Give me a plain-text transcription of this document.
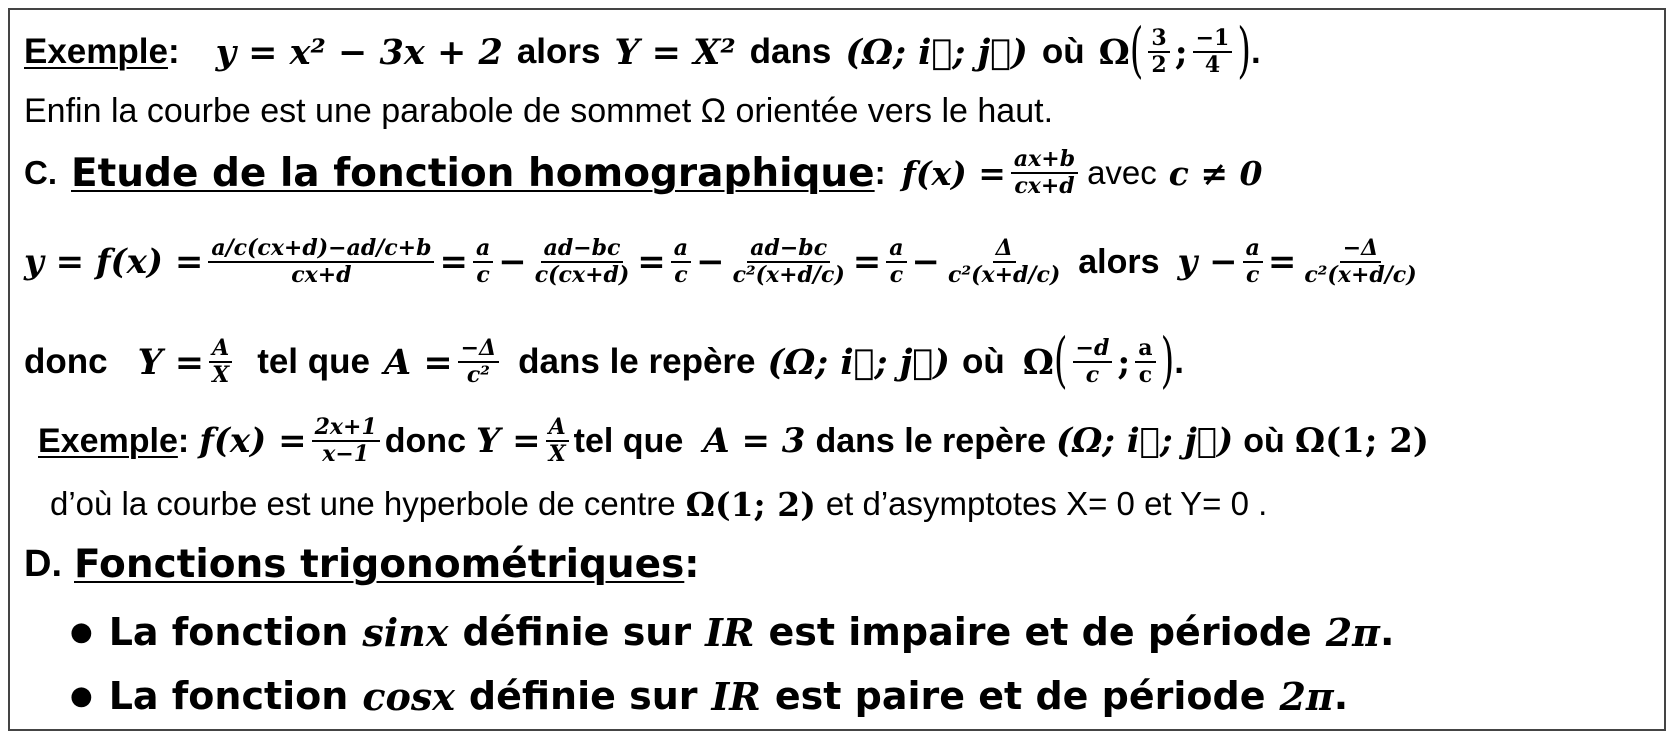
Exemple : y = x² − 3x + 2 alors Y = X² dans (Ω; i⃗; j⃗) où Ω ( $\frac{3}{2}$ ; $\frac{-1}{4}$ ) .
Enfin la courbe est une parabole de sommet Ω orientée vers le haut.
C. Etude de la fonction homographique : $f(x) = \frac{ax+b}{cx+d}$ avec c ≠ 0
$y = f(x) = \frac{a/c(cx+d)-ad/c+b}{cx+d} = \frac{a}{c} - \frac{ad-bc}{c(cx+d)} = \frac{a}{c} - \frac{ad-bc}{\text{c²(x+d/c)}} = \frac{a}{c} - \frac{\Delta}{\text{c²(x+d/c)}}$ alors $y - \frac{a}{c} = \frac{-\Delta}{\text{c²(x+d/c)}}$
donc $Y = \frac{A}{X}$ tel que $A = \frac{-\Delta}{\text{c²}}$ dans le repère (Ω; i⃗; j⃗) où Ω ( $\frac{-d}{c}$ ; $\frac{a}{c}$ ) .
Exemple : $f(x) = \frac{2x+1}{x-1}$ donc $Y = \frac{A}{X}$ tel que A = 3 dans le repère (Ω; i⃗; j⃗) où Ω(1; 2)
d’où la courbe est une hyperbole de centre Ω(1; 2) et d’asymptotes X= 0 et Y= 0 .
D. Fonctions trigonométriques :
● La fonction sinx définie sur IR est impaire et de période 2π .
● La fonction cosx définie sur IR est paire et de période 2π .
